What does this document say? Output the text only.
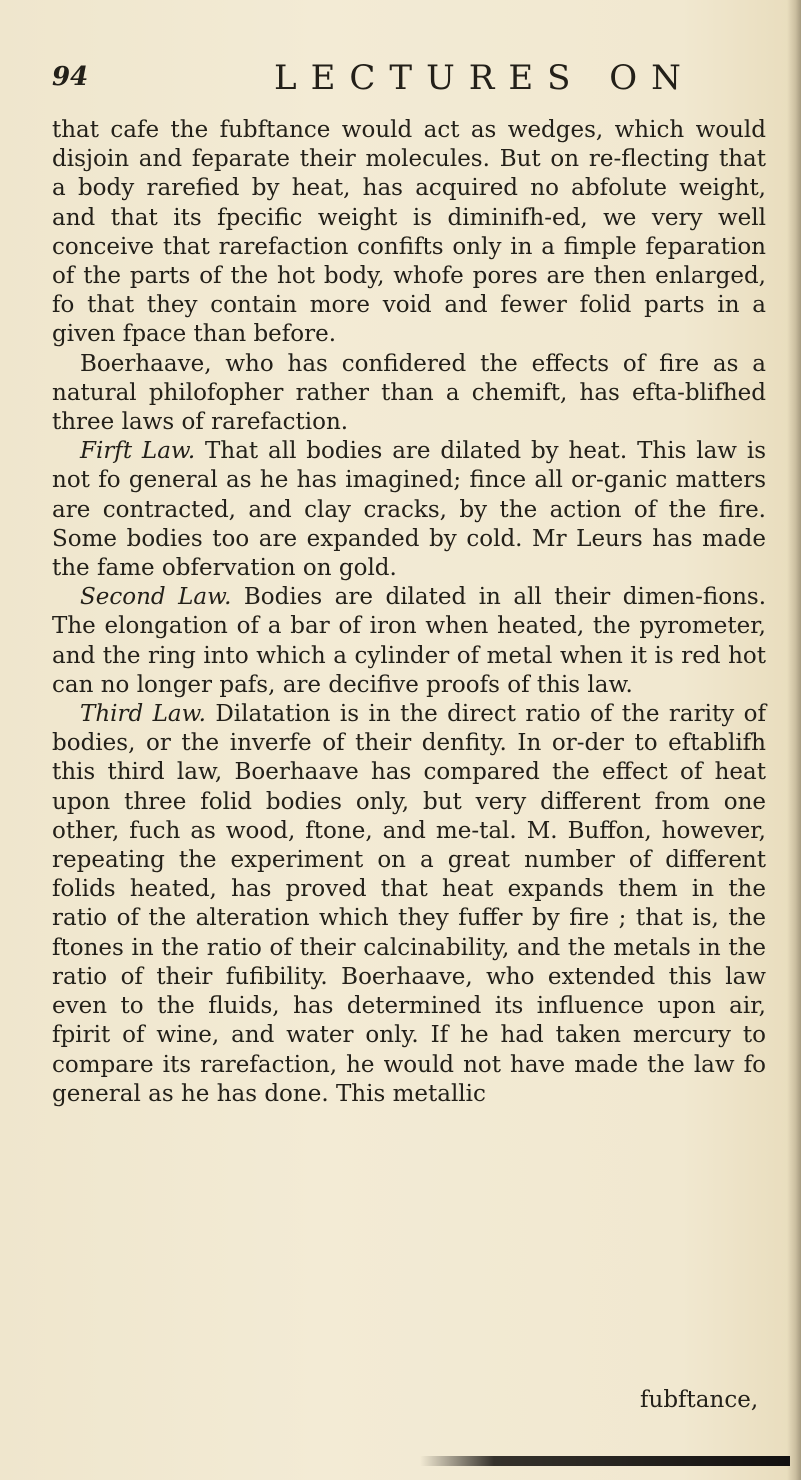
94	LECTURES ON

that cafe the fubftance would act as wedges, which would disjoin and feparate their molecules. But on re-flecting that a body rarefied by heat, has acquired no abfolute weight, and that its fpecific weight is diminifh-ed, we very well conceive that rarefaction confifts only in a fimple feparation of the parts of the hot body, whofe pores are then enlarged, fo that they contain more void and fewer folid parts in a given fpace than before.

Boerhaave, who has confidered the effects of fire as a natural philofopher rather than a chemift, has efta-blifhed three laws of rarefaction.

Firft Law. That all bodies are dilated by heat. This law is not fo general as he has imagined; fince all or-ganic matters are contracted, and clay cracks, by the action of the fire. Some bodies too are expanded by cold. Mr Leurs has made the fame obfervation on gold.

Second Law. Bodies are dilated in all their dimen-fions. The elongation of a bar of iron when heated, the pyrometer, and the ring into which a cylinder of metal when it is red hot can no longer pafs, are decifive proofs of this law.

Third Law. Dilatation is in the direct ratio of the rarity of bodies, or the inverfe of their denfity. In or-der to eftablifh this third law, Boerhaave has compared the effect of heat upon three folid bodies only, but very different from one other, fuch as wood, ftone, and me-tal. M. Buffon, however, repeating the experiment on a great number of different folids heated, has proved that heat expands them in the ratio of the alteration which they fuffer by fire ; that is, the ftones in the ratio of their calcinability, and the metals in the ratio of their fufibility. Boerhaave, who extended this law even to the fluids, has determined its influence upon air, fpirit of wine, and water only. If he had taken mercury to compare its rarefaction, he would not have made the law fo general as he has done. This metallic

fubftance,
